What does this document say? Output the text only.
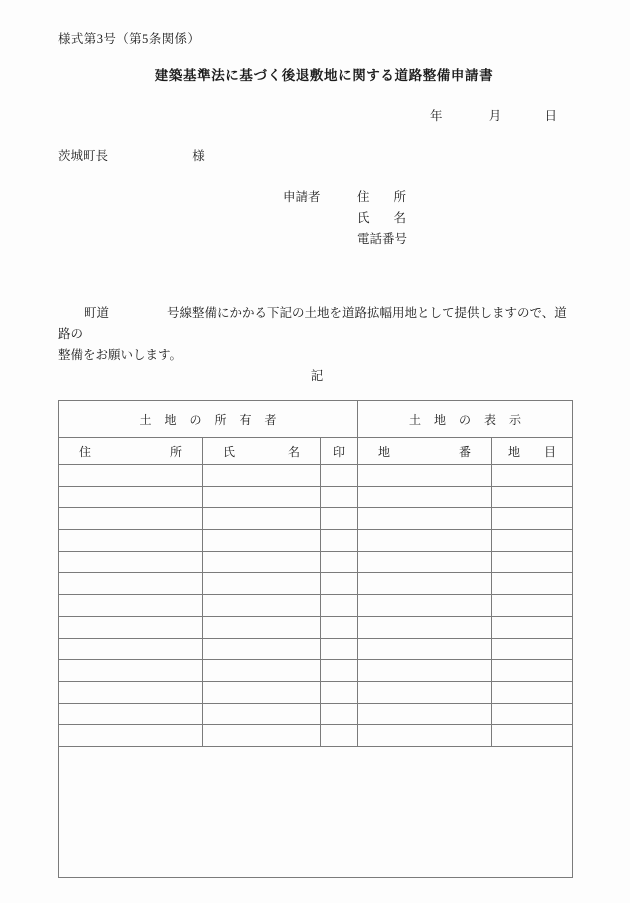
様式第3号（第5条関係）
建築基準法に基づく後退敷地に関する道路整備申請書
年	月	日
茨城町長	様
申請者	住 所
氏 名
電話番号
町道	号線整備にかかる下記の土地を道路拡幅用地として提供しますので、道路の
整備をお願いします。
記
土 地 の 所 有 者			土 地 の 表 示	

住 所	氏 名	印	地 番	地 目
